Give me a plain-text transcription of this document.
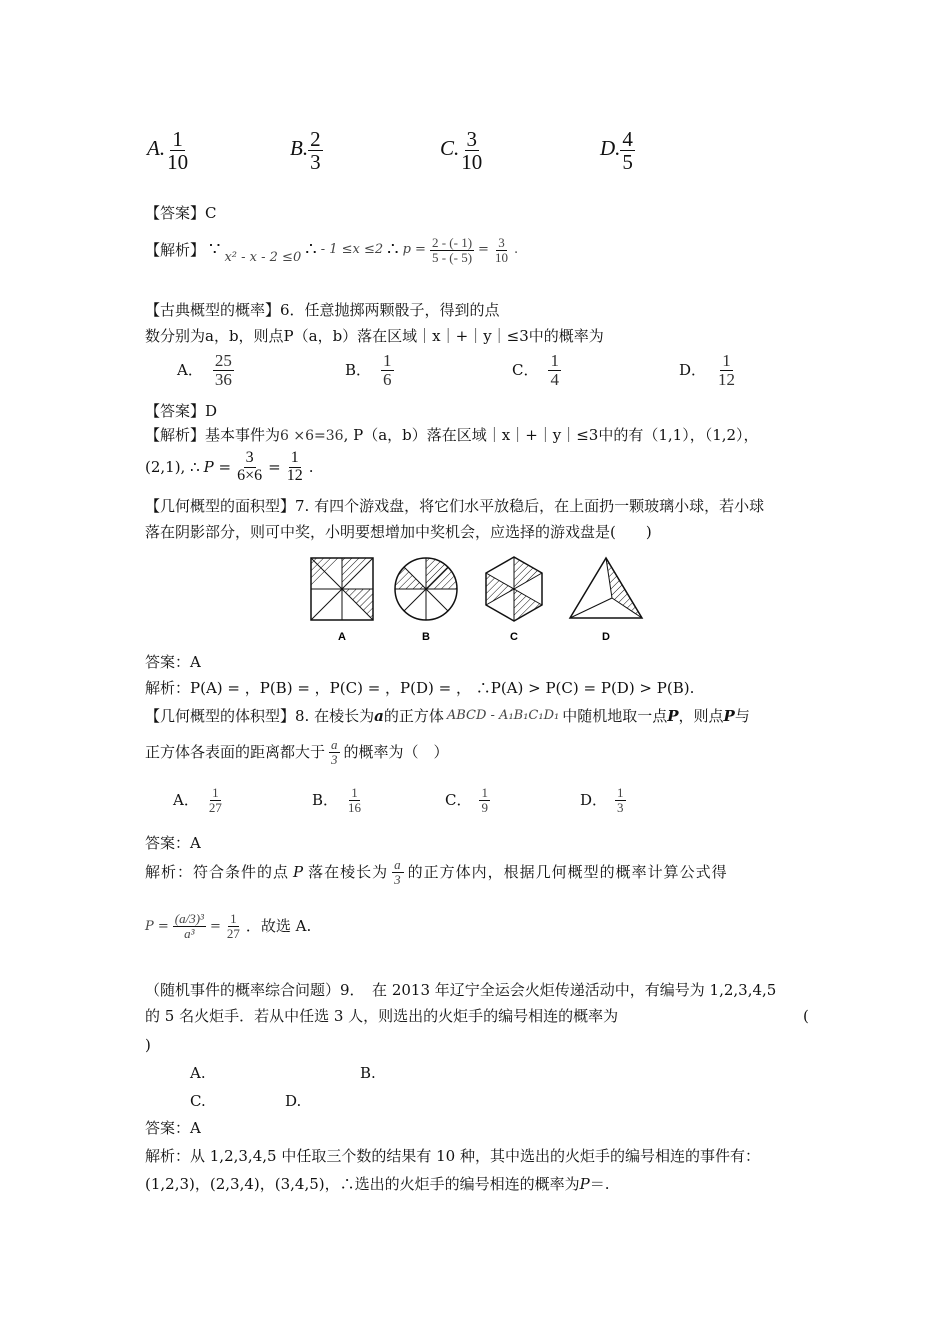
A. $\frac{1}{10}$	B. $\frac{2}{3}$	C. $\frac{3}{10}$	D. $\frac{4}{5}$
【答案】C
【解析】 ∵ x² - x - 2 ≤0 ∴ - 1 ≤x ≤2 ∴ $p = \frac{2 - (- 1)}{5 - (- 5)} = \frac{3}{10}$ .
【古典概型的概率】6．任意抛掷两颗骰子，得到的点
数分别为a，b，则点P（a，b）落在区域｜x｜+｜y｜≤3中的概率为
A． $\frac{25}{36}$	B． $\frac{1}{6}$	C． $\frac{1}{4}$	D． $\frac{1}{12}$
【答案】D
【解析】基本事件为6 ×6=36, P（a，b）落在区域｜x｜+｜y｜≤3中的有（1,1），（1,2），
(2,1), ∴ $P = \frac{3}{6\times 6} = \frac{1}{12}$ .
【几何概型的面积型】7. 有四个游戏盘，将它们水平放稳后，在上面扔一颗玻璃小球，若小球
落在阴影部分，则可中奖，小明要想增加中奖机会，应选择的游戏盘是(　　)
A	B	C	D
答案：A
解析：P(A) = ，P(B) = ，P(C) = ，P(D) = ， ∴P(A) > P(C) = P(D) > P(B).
【几何概型的体积型】8. 在棱长为 a 的正方体 ABCD - A₁B₁C₁D₁ 中随机地取一点 P ，则点 P 与
正方体各表面的距离都大于 $\frac{a}{3}$ 的概率为（　）
A． $\frac{1}{27}$	B． $\frac{1}{16}$	C． $\frac{1}{9}$	D． $\frac{1}{3}$
答案：A
解析：符合条件的点 P 落在棱长为 $\frac{a}{3}$ 的正方体内，根据几何概型的概率计算公式得
$P = \frac{\text{(a/3)³}}{\text{a³}} = \frac{1}{27}$ ．故选 A.
（随机事件的概率综合问题）9．　在 2013 年辽宁全运会火炬传递活动中，有编号为 1,2,3,4,5
的 5 名火炬手．若从中任选 3 人，则选出的火炬手的编号相连的概率为	(
)
A.	B.
C.	D.
答案：A
解析：从 1,2,3,4,5 中任取三个数的结果有 10 种，其中选出的火炬手的编号相连的事件有：
(1,2,3)，(2,3,4)，(3,4,5)，∴选出的火炬手的编号相连的概率为P＝.
